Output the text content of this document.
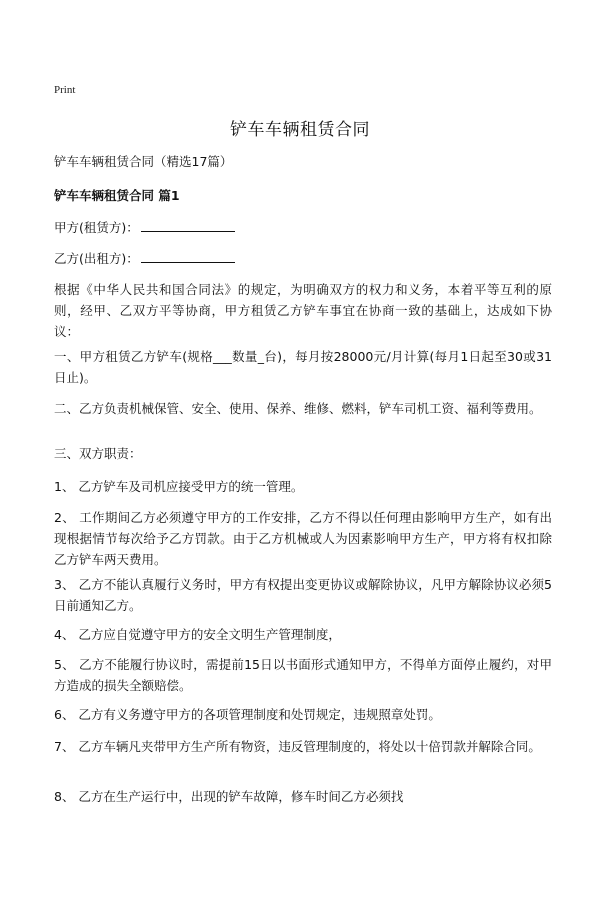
Print
铲车车辆租赁合同
铲车车辆租赁合同（精选17篇）
铲车车辆租赁合同 篇1
甲方(租赁方)：
乙方(出租方)：
根据《中华人民共和国合同法》的规定，为明确双方的权力和义务，本着平等互利的原则，经甲、乙双方平等协商，甲方租赁乙方铲车事宜在协商一致的基础上，达成如下协议：
一、甲方租赁乙方铲车(规格___数量_台)，每月按28000元/月计算(每月1日起至30或31日止)。
二、乙方负责机械保管、安全、使用、保养、维修、燃料，铲车司机工资、福利等费用。
三、双方职责：
1、 乙方铲车及司机应接受甲方的统一管理。
2、 工作期间乙方必须遵守甲方的工作安排，乙方不得以任何理由影响甲方生产，如有出现根据情节每次给予乙方罚款。由于乙方机械或人为因素影响甲方生产，甲方将有权扣除乙方铲车两天费用。
3、 乙方不能认真履行义务时，甲方有权提出变更协议或解除协议，凡甲方解除协议必须5日前通知乙方。
4、 乙方应自觉遵守甲方的安全文明生产管理制度，
5、 乙方不能履行协议时，需提前15日以书面形式通知甲方，不得单方面停止履约，对甲方造成的损失全额赔偿。
6、 乙方有义务遵守甲方的各项管理制度和处罚规定，违规照章处罚。
7、 乙方车辆凡夹带甲方生产所有物资，违反管理制度的，将处以十倍罚款并解除合同。
8、 乙方在生产运行中，出现的铲车故障，修车时间乙方必须找
